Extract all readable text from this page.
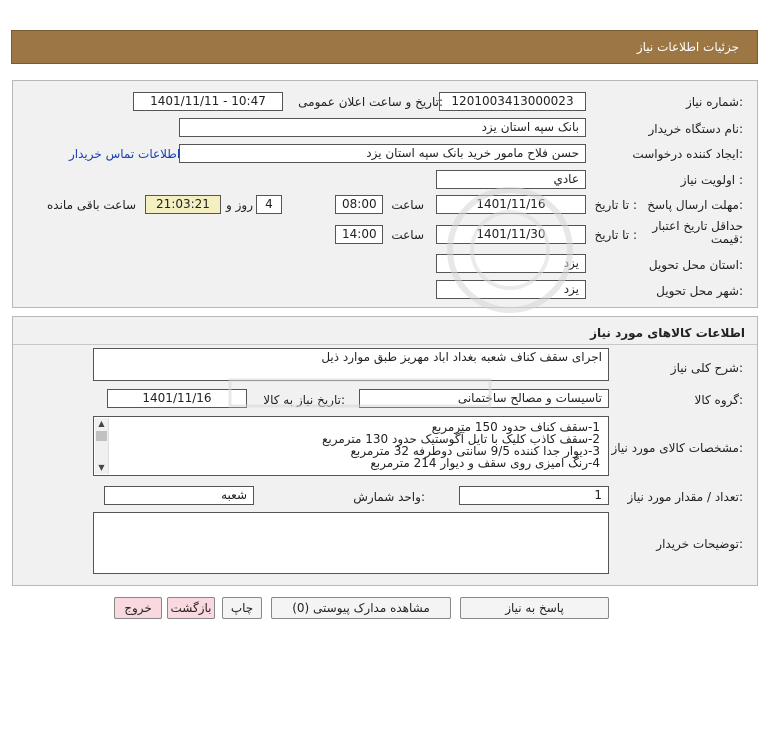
جزئيات اطلاعات نياز
شماره نیاز:
1201003413000023
تاریخ و ساعت اعلان عمومی:
1401/11/11 - 10:47
نام دستگاه خریدار:
بانک سپه استان یزد
ایجاد کننده درخواست:
حسن فلاح مامور خرید بانک سپه استان یزد
اطلاعات تماس خریدار
اولویت نیاز :
عادي
مهلت ارسال پاسخ:
تا تاریخ :
1401/11/16
ساعت
08:00
4
روز و
21:03:21
ساعت باقی مانده
حداقل تاریخ اعتبار
قیمت:
تا تاریخ :
1401/11/30
ساعت
14:00
استان محل تحویل:
یزد
شهر محل تحویل:
یزد
اطلاعات کالاهای مورد نیاز
شرح کلی نیاز:
اجرای سقف کناف شعبه بغداد اباد مهریز طبق موارد ذیل
گروه کالا:
تاسیسات و مصالح ساختمانی
تاریخ نیاز به کالا:
1401/11/16
مشخصات کالای مورد نیاز:
▲
▼
1-سقف کناف حدود 150 مترمربع
2-سقف کاذب کلیک با تایل آگوستیک حدود 130 مترمربع
3-دیوار جدا کننده 9/5 سانتی دوطرفه 32 مترمربع
4-رنگ امیزی روی سقف و دیوار 214 مترمربع
تعداد / مقدار مورد نیاز:
1
واحد شمارش:
شعبه
توضیحات خریدار:
پاسخ به نیاز
مشاهده مدارک پیوستی (0)
چاپ
بازگشت
خروج
